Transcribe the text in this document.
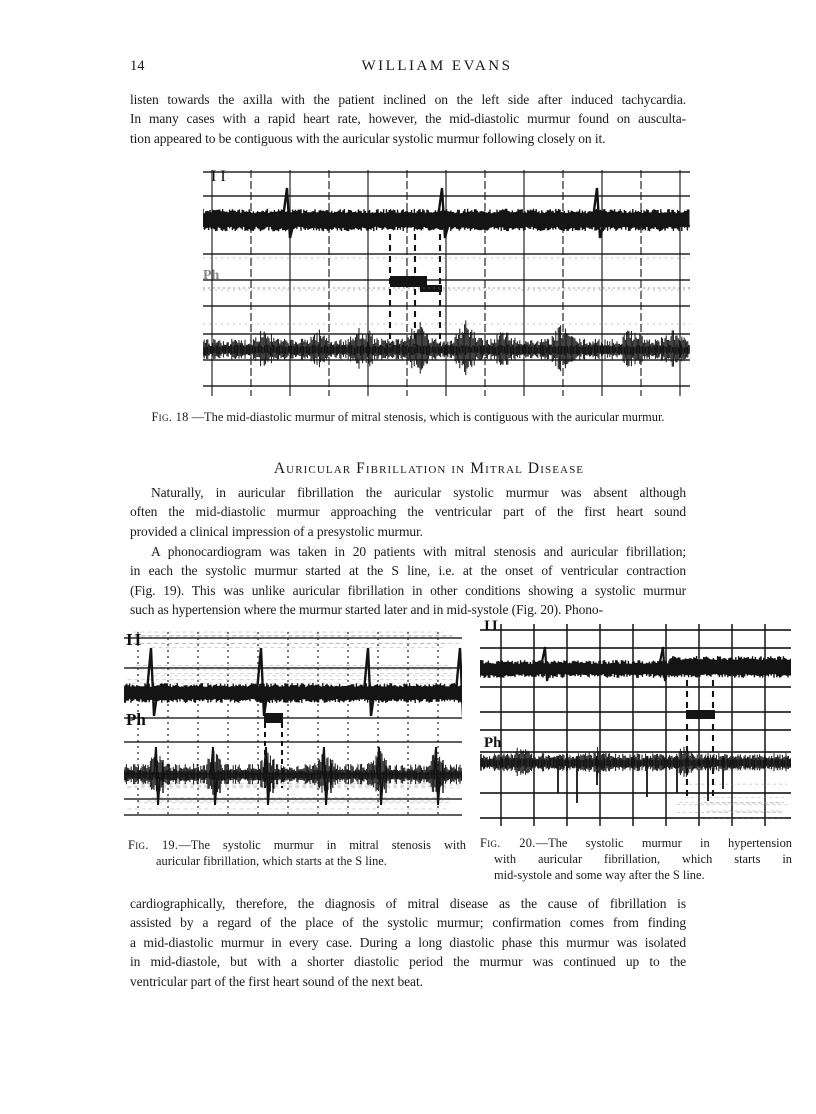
14	WILLIAM EVANS
listen towards the axilla with the patient inclined on the left side after induced tachycardia.
In many cases with a rapid heart rate, however, the mid-diastolic murmur found on ausculta-
tion appeared to be contiguous with the auricular systolic murmur following closely on it.
II
Ph
Fig. 18 —The mid-diastolic murmur of mitral stenosis, which is contiguous with the auricular murmur.
Auricular Fibrillation in Mitral Disease
Naturally, in auricular fibrillation the auricular systolic murmur was absent although
often the mid-diastolic murmur approaching the ventricular part of the first heart sound
provided a clinical impression of a presystolic murmur.
A phonocardiogram was taken in 20 patients with mitral stenosis and auricular fibrillation;
in each the systolic murmur started at the S line, i.e. at the onset of ventricular contraction
(Fig. 19). This was unlike auricular fibrillation in other conditions showing a systolic murmur
such as hypertension where the murmur started later and in mid-systole (Fig. 20). Phono-
II
Ph
II
Ph
Fig. 19.—The systolic murmur in mitral stenosis with
auricular fibrillation, which starts at the S line.
Fig. 20.—The systolic murmur in hypertension
with auricular fibrillation, which starts in
mid-systole and some way after the S line.
cardiographically, therefore, the diagnosis of mitral disease as the cause of fibrillation is
assisted by a regard of the place of the systolic murmur; confirmation comes from finding
a mid-diastolic murmur in every case. During a long diastolic phase this murmur was isolated
in mid-diastole, but with a shorter diastolic period the murmur was continued up to the
ventricular part of the first heart sound of the next beat.
